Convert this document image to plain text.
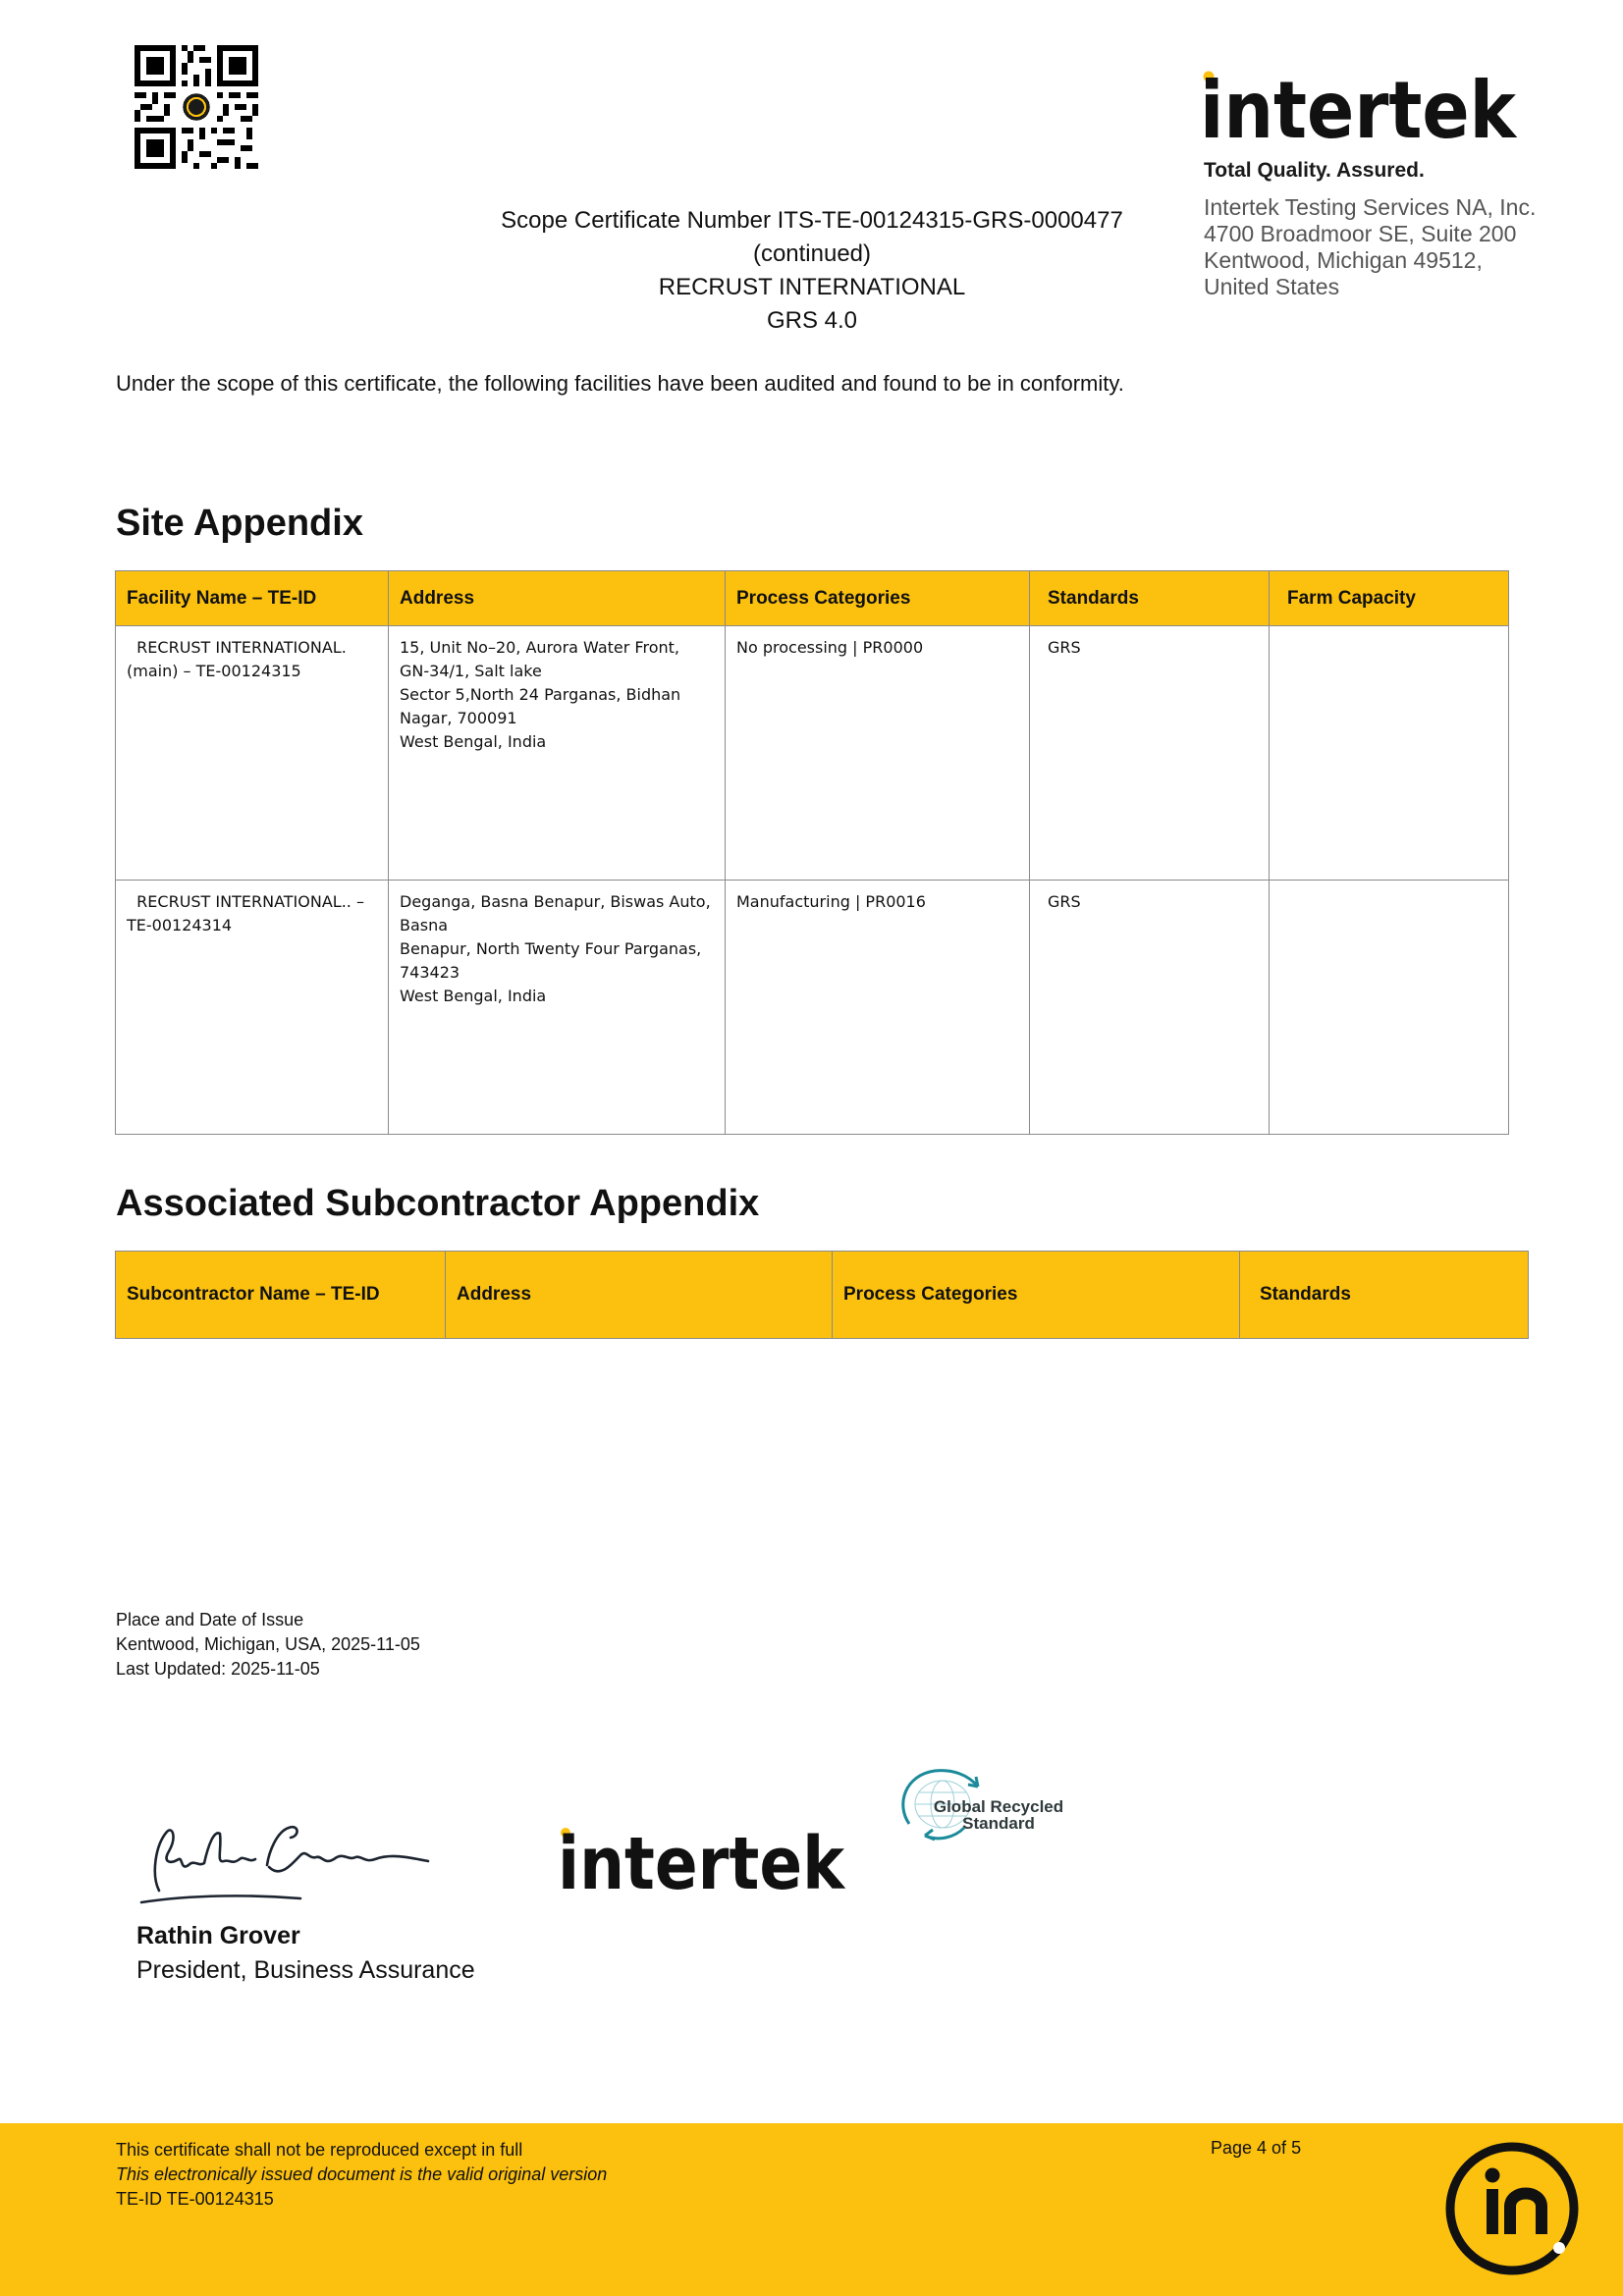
intertek
Total Quality. Assured.
Intertek Testing Services NA, Inc.
4700 Broadmoor SE, Suite 200
Kentwood, Michigan 49512,
United States
Scope Certificate Number ITS-TE-00124315-GRS-0000477
(continued)
RECRUST INTERNATIONAL
GRS 4.0
Under the scope of this certificate, the following facilities have been audited and found to be in conformity.
Site Appendix
Facility Name – TE-ID	Address	Process Categories	Standards	Farm Capacity

RECRUST INTERNATIONAL.
(main) – TE-00124315	15, Unit No–20, Aurora Water Front,
GN-34/1, Salt lake
Sector 5,North 24 Parganas, Bidhan
Nagar, 700091
West Bengal, India	No processing | PR0000	GRS	

RECRUST INTERNATIONAL.. –
TE-00124314	Deganga, Basna Benapur, Biswas Auto,
Basna
Benapur, North Twenty Four Parganas,
743423
West Bengal, India	Manufacturing | PR0016	GRS	
Associated Subcontractor Appendix
Subcontractor Name – TE-ID	Address	Process Categories	Standards
Place and Date of Issue
Kentwood, Michigan, USA, 2025-11-05
Last Updated: 2025-11-05
Rathin Grover
President, Business Assurance
intertek
Global Recycled
Standard
This certificate shall not be reproduced except in full
This electronically issued document is the valid original version
TE-ID TE-00124315
Page 4 of 5
